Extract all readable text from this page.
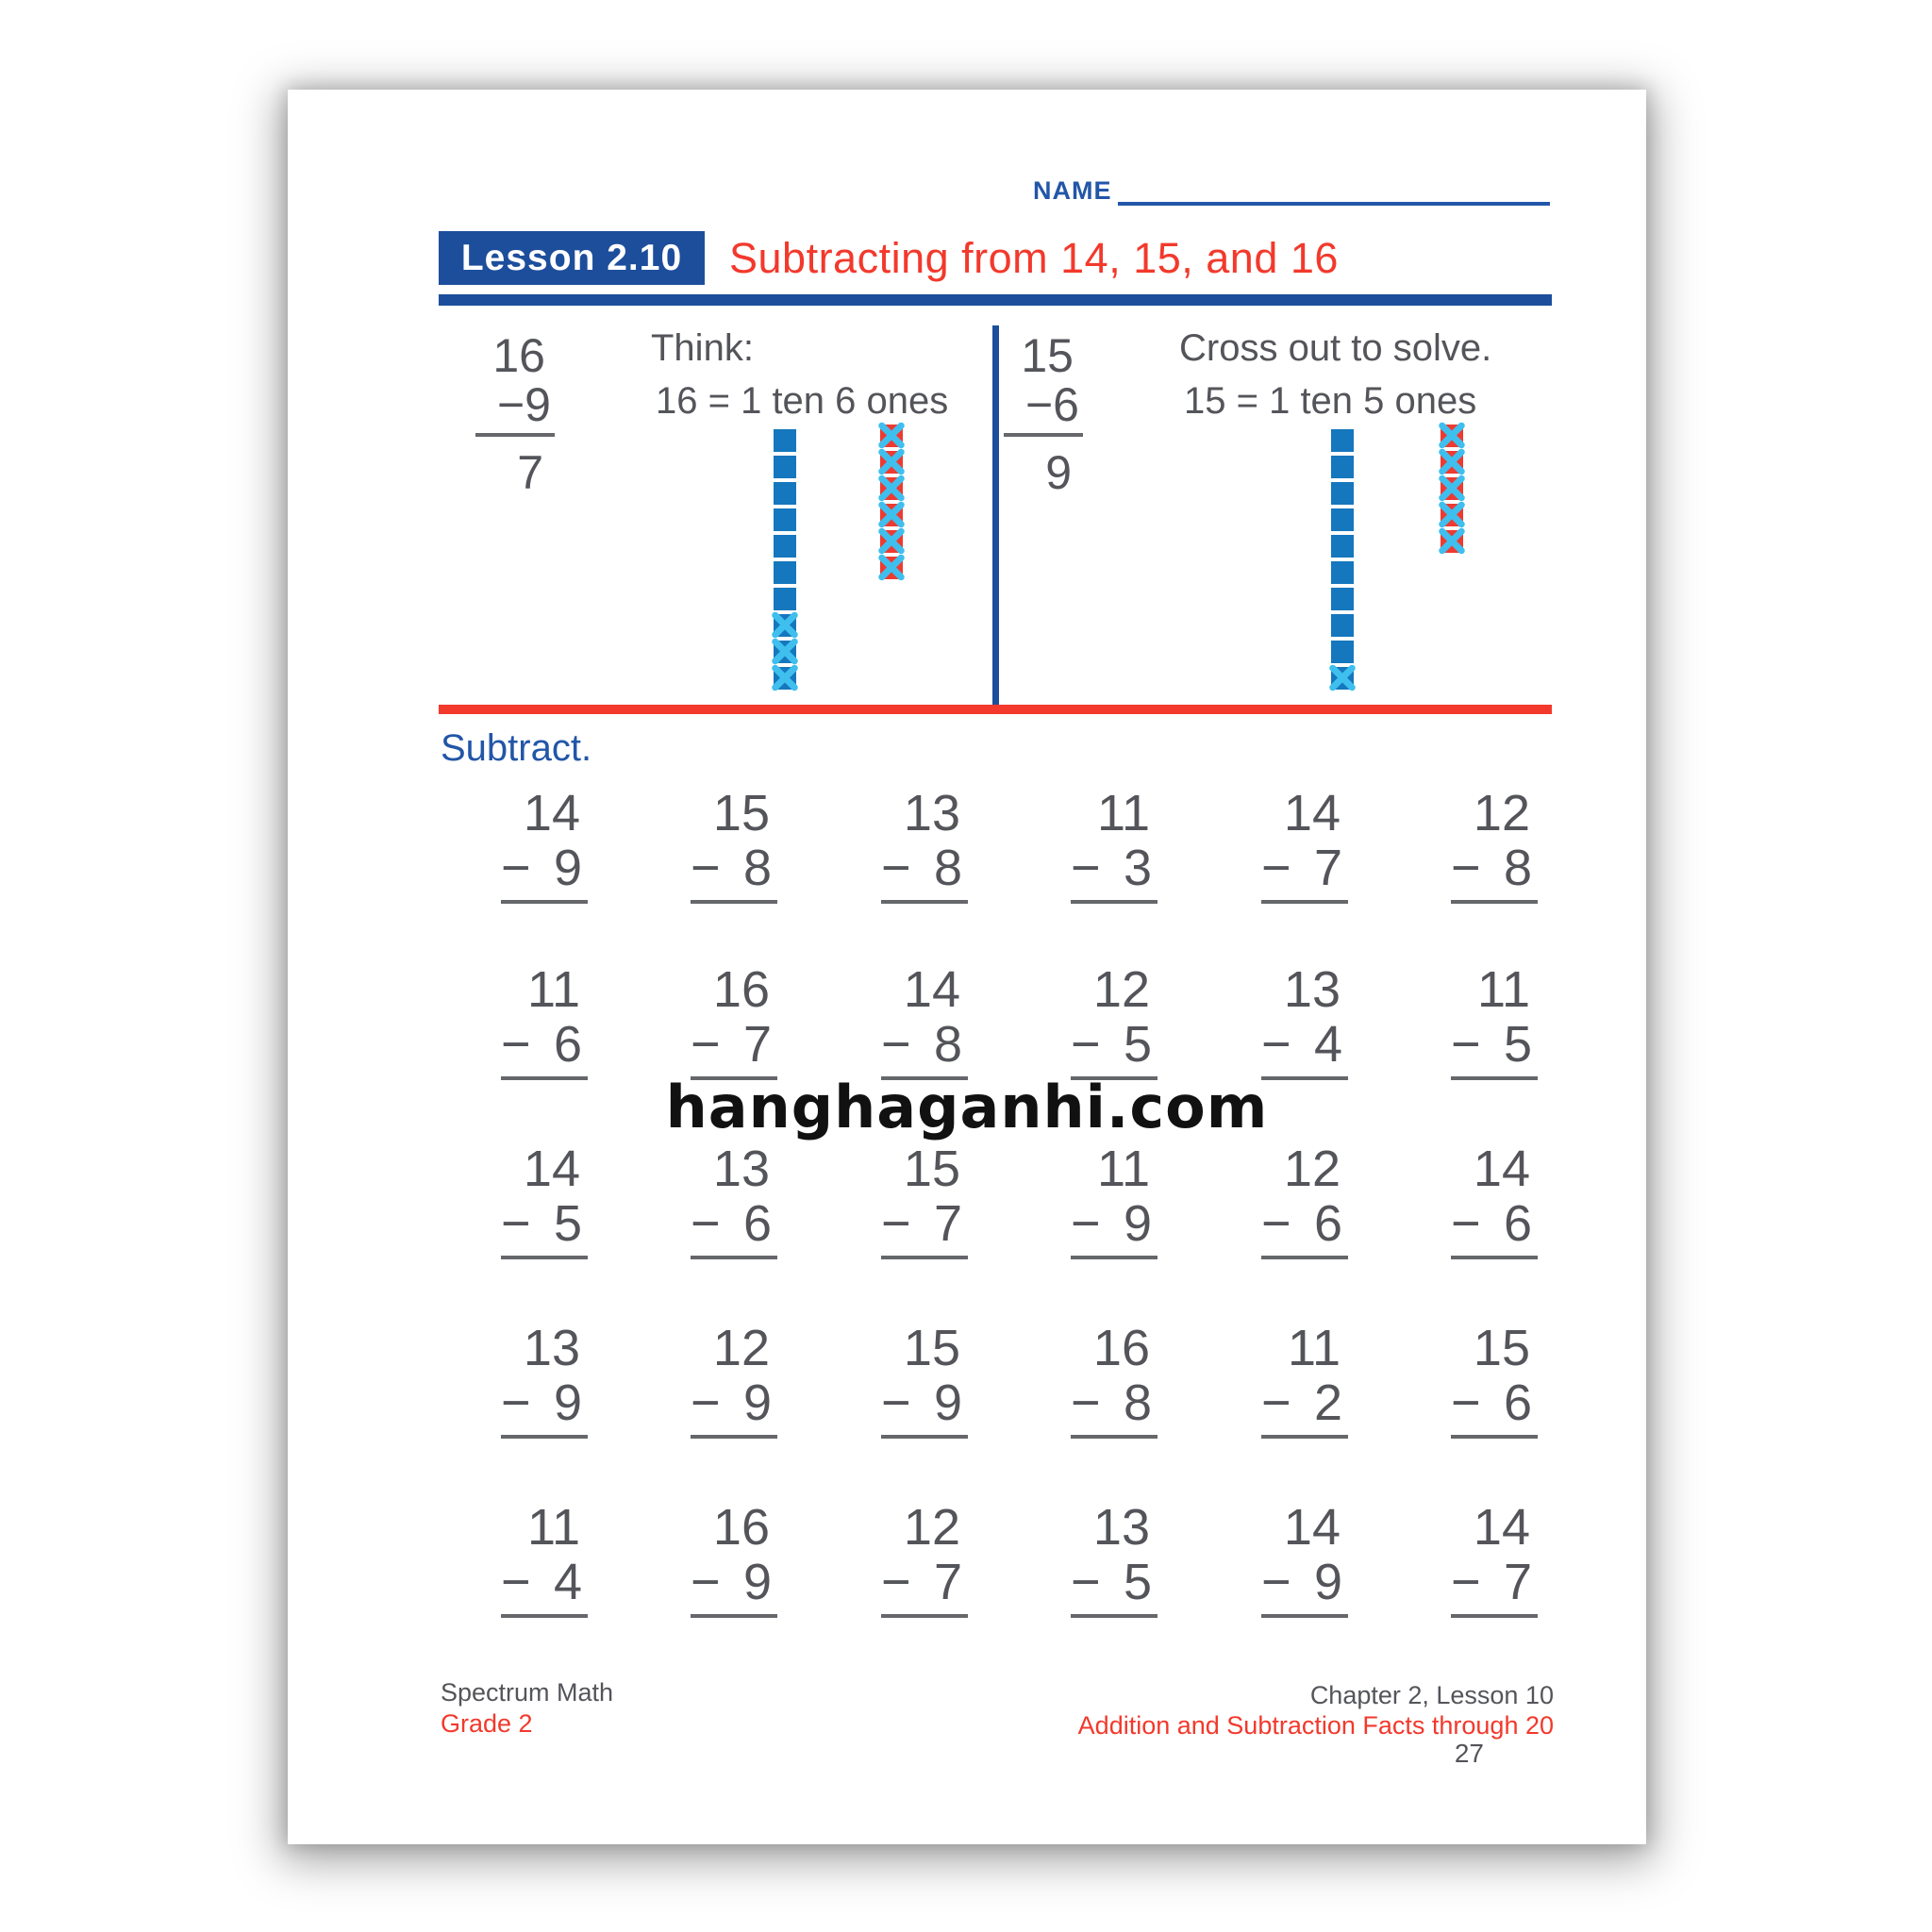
NAME
Lesson 2.10	Subtracting from 14, 15, and 16
16
−9
7
Think:
16 = 1 ten 6 ones
15
−6
9
Cross out to solve.
15 = 1 ten 5 ones
Subtract.
14
− 9
15
− 8
13
− 8
11
− 3
14
− 7
12
− 8
11
− 6
16
− 7
14
− 8
12
− 5
13
− 4
11
− 5
14
− 5
13
− 6
15
− 7
11
− 9
12
− 6
14
− 6
13
− 9
12
− 9
15
− 9
16
− 8
11
− 2
15
− 6
11
− 4
16
− 9
12
− 7
13
− 5
14
− 9
14
− 7
hanghaganhi.com
Spectrum Math
Grade 2
Chapter 2, Lesson 10
Addition and Subtraction Facts through 20
27
